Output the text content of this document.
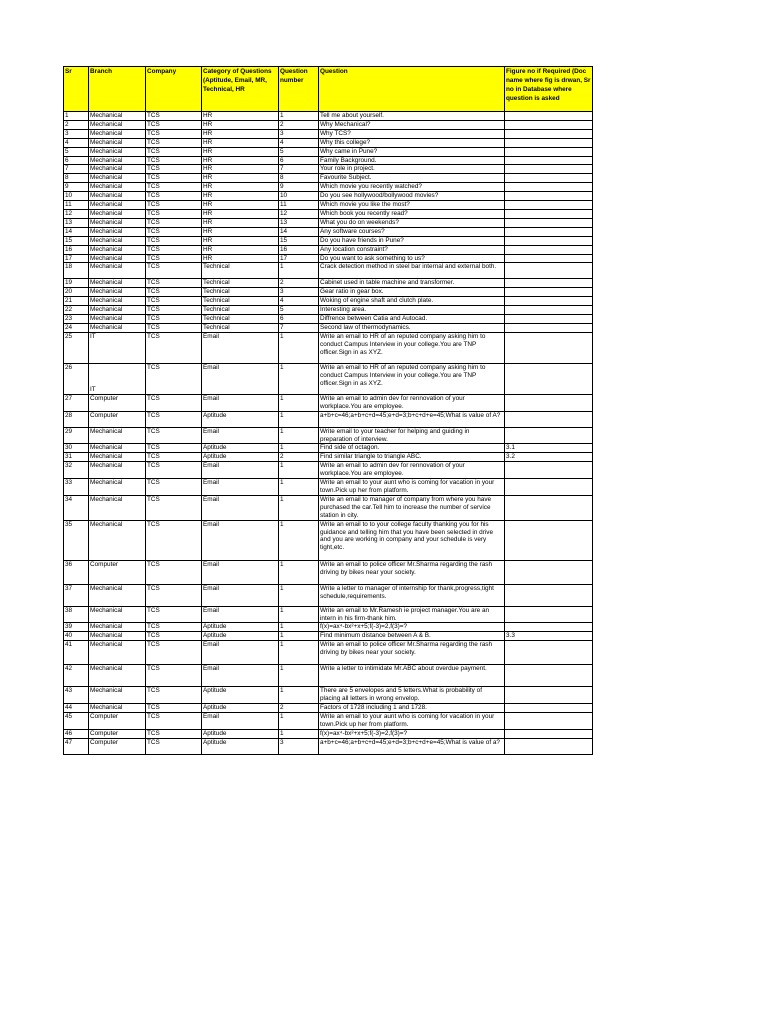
Sr	Branch	Company	Category of Questions (Aptitude, Email, MR, Technical, HR	Question number	Question	Figure no if Required (Doc name where fig is drwan, Sr no in Database where question is asked
1	Mechanical	TCS	HR	1	Tell me about yourself.	
2	Mechanical	TCS	HR	2	Why Mechanical?	
3	Mechanical	TCS	HR	3	Why TCS?	
4	Mechanical	TCS	HR	4	Why this college?	
5	Mechanical	TCS	HR	5	Why came in Pune?	
6	Mechanical	TCS	HR	6	Family Background.	
7	Mechanical	TCS	HR	7	Your role in project.	
8	Mechanical	TCS	HR	8	Favourite Subject.	
9	Mechanical	TCS	HR	9	Which movie you recently watched?	
10	Mechanical	TCS	HR	10	Do you see hollywood/bollywood movies?	
11	Mechanical	TCS	HR	11	Which movie you like the most?	
12	Mechanical	TCS	HR	12	Which book you recently read?	
13	Mechanical	TCS	HR	13	What you do on weekends?	
14	Mechanical	TCS	HR	14	Any software courses?	
15	Mechanical	TCS	HR	15	Do you have friends in Pune?	
16	Mechanical	TCS	HR	16	Any location constraint?	
17	Mechanical	TCS	HR	17	Do you want to ask something to us?	
18	Mechanical	TCS	Technical	1	Crack detection method in steel bar internal and external both.	
19	Mechanical	TCS	Technical	2	Cabinet used in table machine and transformer.	
20	Mechanical	TCS	Technical	3	Gear ratio in gear box.	
21	Mechanical	TCS	Technical	4	Woking of engine shaft and clutch plate.	
22	Mechanical	TCS	Technical	5	Interesting area.	
23	Mechanical	TCS	Technical	6	Diffrence between Catia and Autocad.	
24	Mechanical	TCS	Technical	7	Second law of thermodynamics.	
25	IT	TCS	Email	1	Write an email to HR of an reputed company asking him to conduct Campus Interview in your college.You are TNP officer.Sign in as XYZ.	
26	IT	TCS	Email	1	Write an email to HR of an reputed company asking him to conduct Campus Interview in your college.You are TNP officer.Sign in as XYZ.	
27	Computer	TCS	Email	1	Write an email to admin dev for rennovation of your workplace.You are employee.	
28	Computer	TCS	Aptitude	1	a+b+c=46;a+b+c+d=45;e+d=3;b+c+d+e=45;What is value of A?	
29	Mechanical	TCS	Email	1	Write email to your teacher for helping and guiding in preparation of interview.	
30	Mechanical	TCS	Aptitude	1	Find side of octagon.	3.1
31	Mechanical	TCS	Aptitude	2	Find similar triangle to triangle ABC.	3.2
32	Mechanical	TCS	Email	1	Write an email to admin dev for rennovation of your workplace.You are employee.	
33	Mechanical	TCS	Email	1	Write an email to your aunt who is coming for vacation in your town.Pick up her from platform.	
34	Mechanical	TCS	Email	1	Write an email to manager of company from where you have purchased the car.Tell him to increase the number of service station in city.	
35	Mechanical	TCS	Email	1	Write an email to to your college faculty thanking you for his guidance and telling him that you have been selected in drive and you are working in company and your schedule is very tight,etc.	
36	Computer	TCS	Email	1	Write an email to police officer Mr.Sharma regarding the rash driving by bikes near your society.	
37	Mechanical	TCS	Email	1	Write a letter to manager of internship for thank,progress,tight schedule,requirements.	
38	Mechanical	TCS	Email	1	Write an email to Mr.Ramesh ie project manager.You are an intern in his firm-thank him.	
39	Mechanical	TCS	Aptitude	1	f(x)=ax⁴-bx²+x+5;f(-3)=2,f(3)=?	
40	Mechanical	TCS	Aptitude	1	Find minimum distance between A & B.	3.3
41	Mechanical	TCS	Email	1	Write an email to police officer Mr.Sharma regarding the rash driving by bikes near your society.	
42	Mechanical	TCS	Email	1	Write a letter to intimidate Mr.ABC about overdue payment.	
43	Mechanical	TCS	Aptitude	1	There are 5 envelopes and 5 letters.What is probability of placing all letters in wrong envelop.	
44	Mechanical	TCS	Aptitude	2	Factors of 1728 including 1 and 1728.	
45	Computer	TCS	Email	1	Write an email to your aunt who is coming for vacation in your town.Pick up her from platform.	
46	Computer	TCS	Aptitude	1	f(x)=ax⁴-bx²+x+5;f(-3)=2,f(3)=?	
47	Computer	TCS	Aptitude	3	a+b+c=46;a+b+c+d=45;e+d=3;b+c+d+e=45;What is value of a?	
